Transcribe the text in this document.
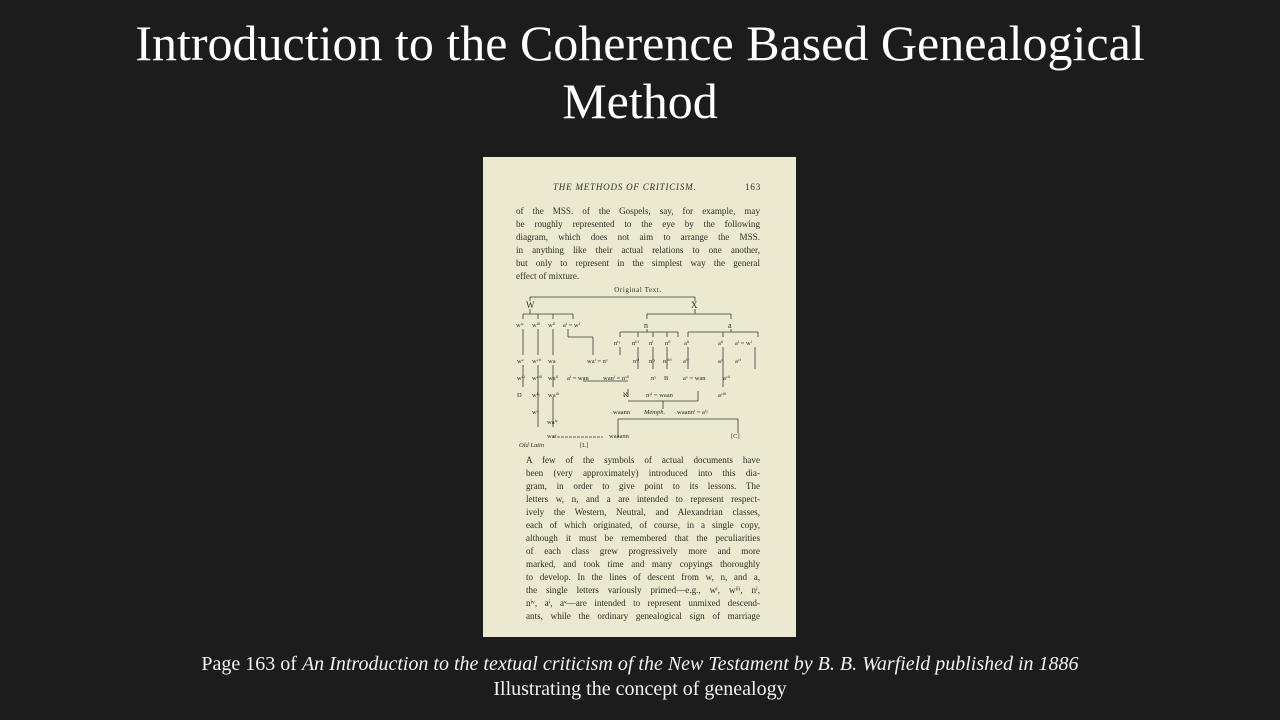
Introduction to the Coherence Based Genealogical
Method
THE METHODS OF CRITICISM.	163
of the MSS. of the Gospels, say, for example, may
be roughly represented to the eye by the following
diagram, which does not aim to arrange the MSS.
in anything like their actual relations to one another,
but only to represent in the simplest way the general
effect of mixture.
Original Text.
W	X
n	a
wⁱᵛ wⁱⁱⁱ wⁱⁱ aⁱ = wⁱ
nⁱᵛ nⁱⁱⁱ nⁱ nⁱⁱ aⁱⁱ	aⁱⁱ aⁱ = wⁱ
wᵛ wᵛⁱⁱ wa	waⁱ = nᵛ	nᵛⁱ nⁱˣ nᵛⁱⁱⁱ aⁱᵛ	aᵛ aᵛⁱ
wᵛⁱ wᵛⁱⁱⁱ waⁱⁱ aⁱ = wan wanⁱ = nᵛⁱⁱ	nˣ B aᵛ = wan	aᵛⁱⁱ
D wⁱˣ waⁱⁱⁱ	ℵ	nˣⁱ = waan	aᵛⁱⁱⁱ
wˣ	waann Memph. waannⁱ = aⁱˣ
waⁱᵛ
waᵛ	waaann
Old Latin	[L]
[C]
A few of the symbols of actual documents have
been (very approximately) introduced into this dia-
gram, in order to give point to its lessons. The
letters w, n, and a are intended to represent respect-
ively the Western, Neutral, and Alexandrian classes,
each of which originated, of course, in a single copy,
although it must be remembered that the peculiarities
of each class grew progressively more and more
marked, and took time and many copyings thoroughly
to develop. In the lines of descent from w, n, and a,
the single letters variously primed—e.g., wⁱ, wⁱⁱⁱ, nⁱ,
nⁱᵛ, aⁱ, aᵛ—are intended to represent unmixed descend-
ants, while the ordinary genealogical sign of marriage
Page 163 of An Introduction to the textual criticism of the New Testament by B. B. Warfield published in 1886
Illustrating the concept of genealogy
